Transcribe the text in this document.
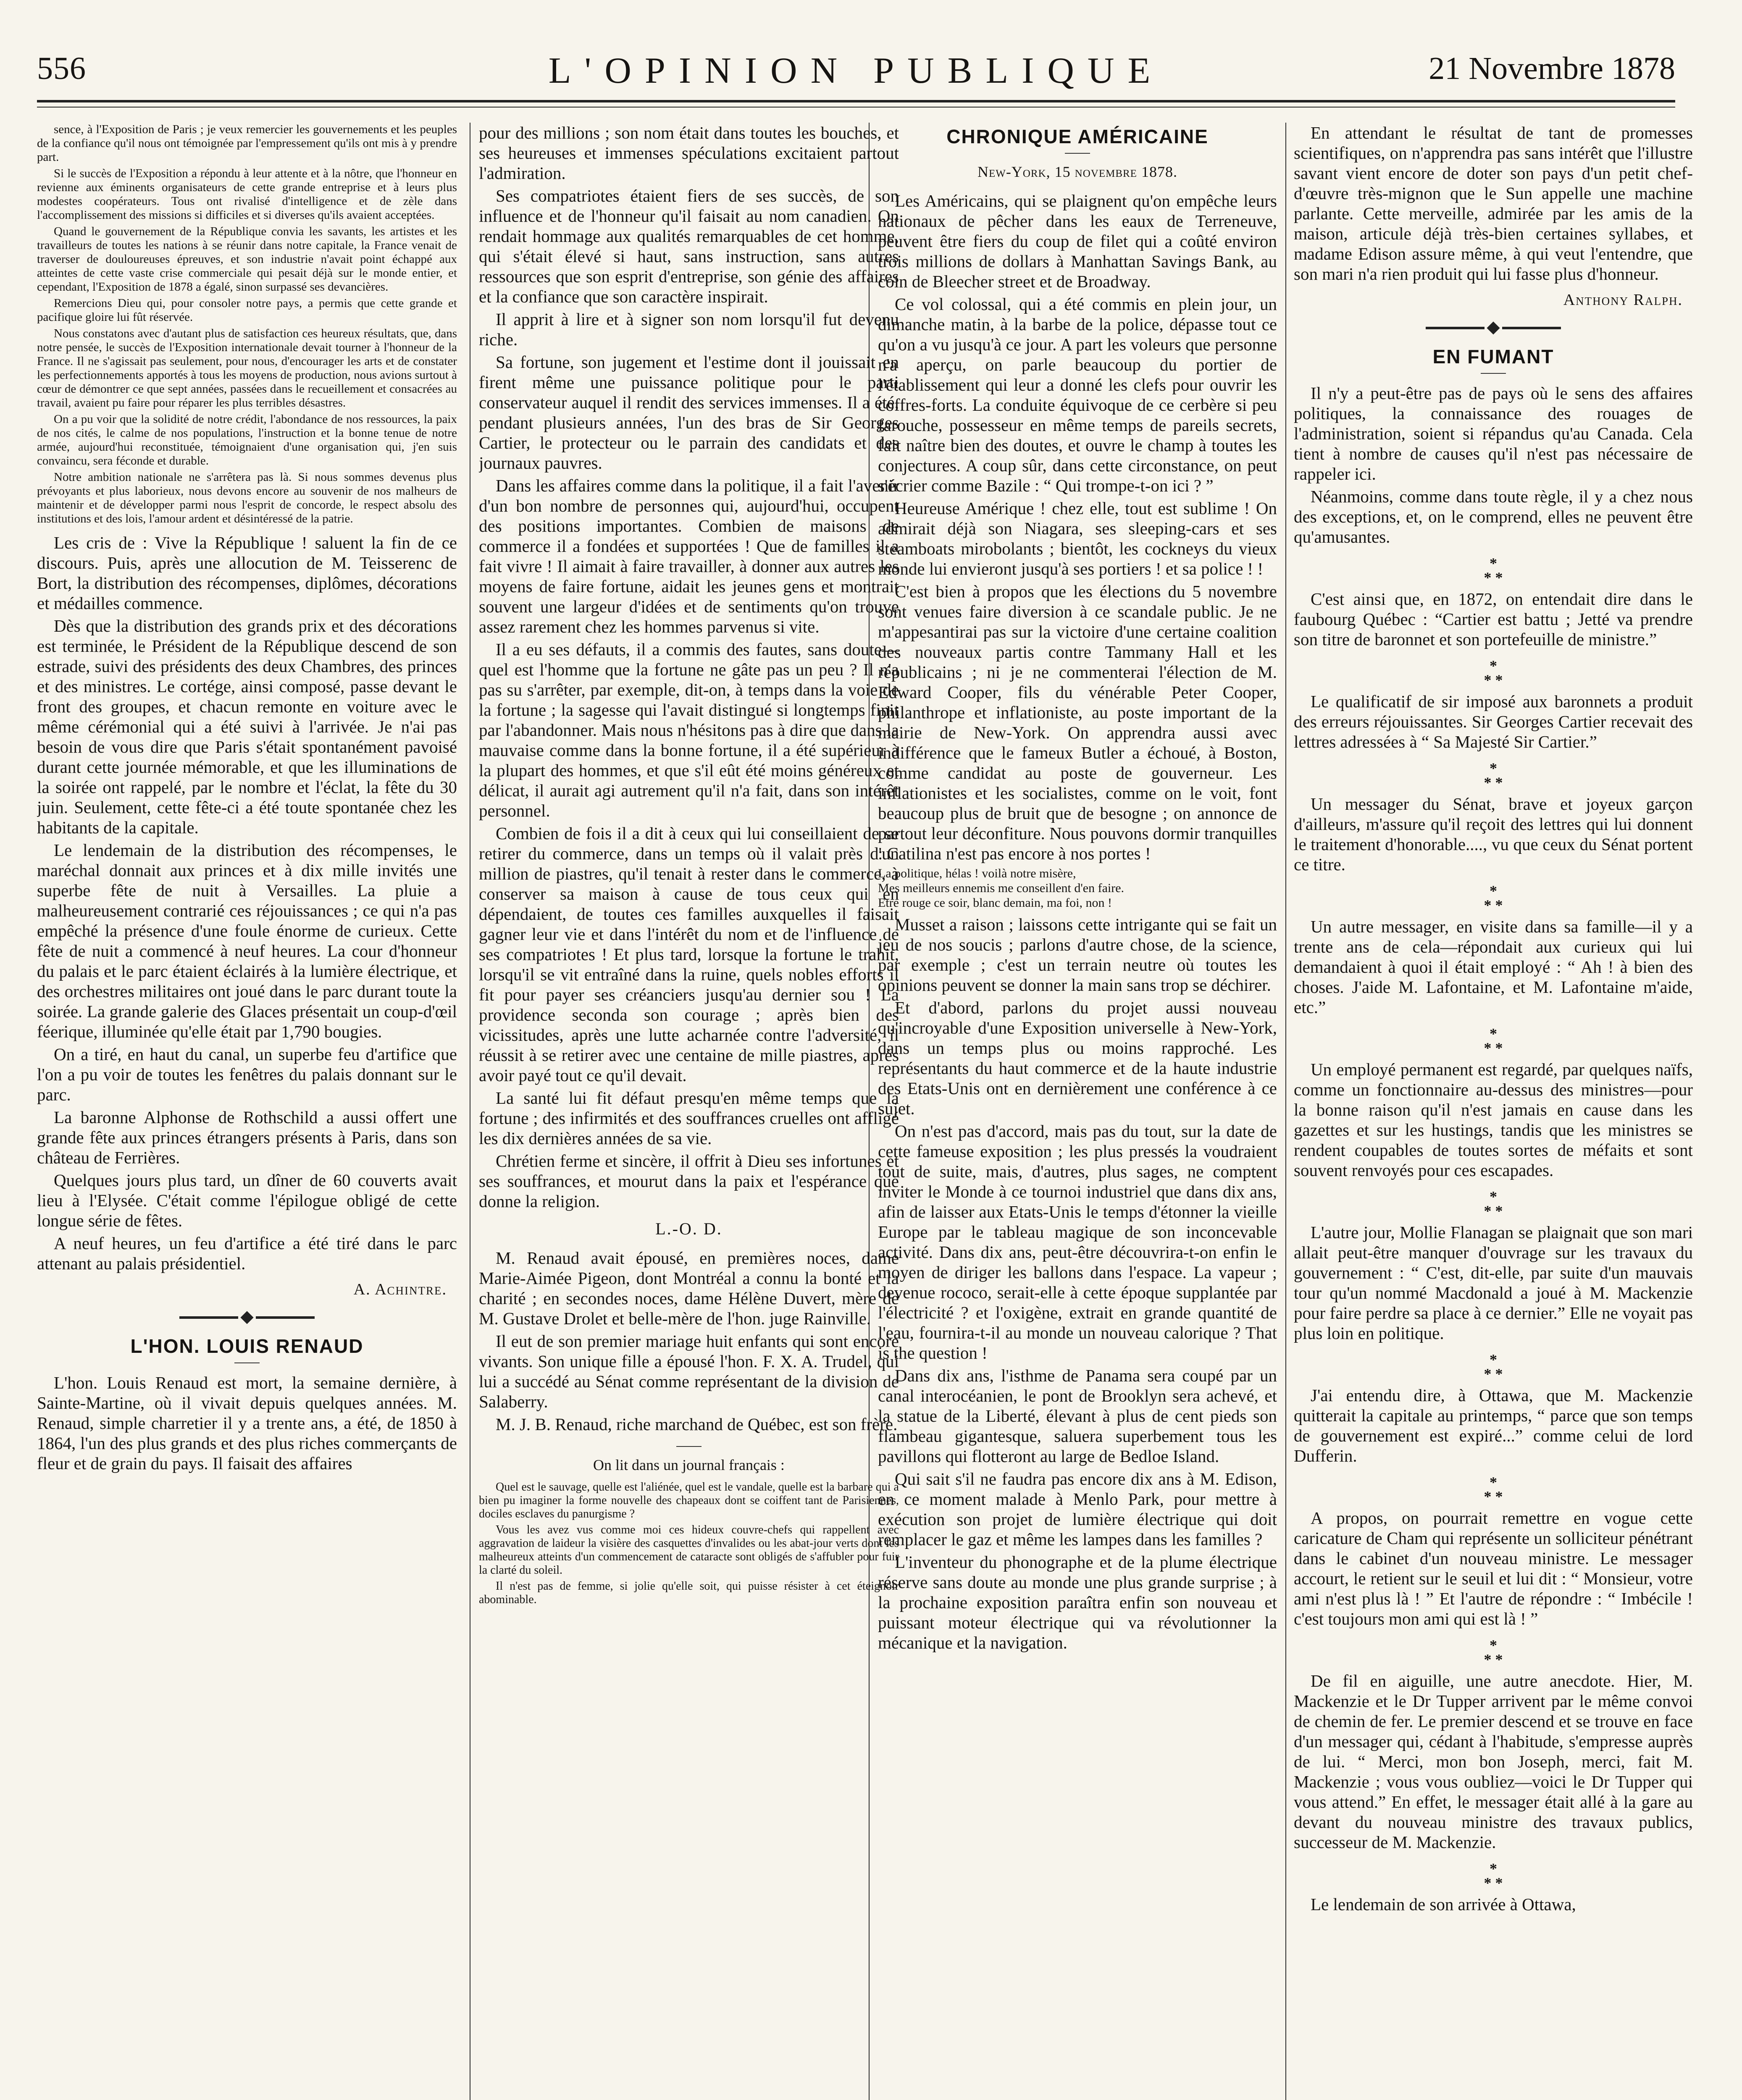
556	L'OPINION PUBLIQUE	21 Novembre 1878

sence, à l'Exposition de Paris ; je veux remercier les gouvernements et les peuples de la confiance qu'il nous ont témoignée par l'empressement qu'ils ont mis à y prendre part.

Si le succès de l'Exposition a répondu à leur attente et à la nôtre, que l'honneur en revienne aux éminents organisateurs de cette grande entreprise et à leurs plus modestes coopérateurs. Tous ont rivalisé d'intelligence et de zèle dans l'accomplissement des missions si difficiles et si diverses qu'ils avaient acceptées.

Quand le gouvernement de la République convia les savants, les artistes et les travailleurs de toutes les nations à se réunir dans notre capitale, la France venait de traverser de douloureuses épreuves, et son industrie n'avait point échappé aux atteintes de cette vaste crise commerciale qui pesait déjà sur le monde entier, et cependant, l'Exposition de 1878 a égalé, sinon surpassé ses devancières.

Remercions Dieu qui, pour consoler notre pays, a permis que cette grande et pacifique gloire lui fût réservée.

Nous constatons avec d'autant plus de satisfaction ces heureux résultats, que, dans notre pensée, le succès de l'Exposition internationale devait tourner à l'honneur de la France. Il ne s'agissait pas seulement, pour nous, d'encourager les arts et de constater les perfectionnements apportés à tous les moyens de production, nous avions surtout à cœur de démontrer ce que sept années, passées dans le recueillement et consacrées au travail, avaient pu faire pour réparer les plus terribles désastres.

On a pu voir que la solidité de notre crédit, l'abondance de nos ressources, la paix de nos cités, le calme de nos populations, l'instruction et la bonne tenue de notre armée, aujourd'hui reconstituée, témoignaient d'une organisation qui, j'en suis convaincu, sera féconde et durable.

Notre ambition nationale ne s'arrêtera pas là. Si nous sommes devenus plus prévoyants et plus laborieux, nous devons encore au souvenir de nos malheurs de maintenir et de développer parmi nous l'esprit de concorde, le respect absolu des institutions et des lois, l'amour ardent et désintéressé de la patrie.

Les cris de : Vive la République ! saluent la fin de ce discours. Puis, après une allocution de M. Teisserenc de Bort, la distribution des récompenses, diplômes, décorations et médailles commence.

Dès que la distribution des grands prix et des décorations est terminée, le Président de la République descend de son estrade, suivi des présidents des deux Chambres, des princes et des ministres. Le cortége, ainsi composé, passe devant le front des groupes, et chacun remonte en voiture avec le même cérémonial qui a été suivi à l'arrivée. Je n'ai pas besoin de vous dire que Paris s'était spontanément pavoisé durant cette journée mémorable, et que les illuminations de la soirée ont rappelé, par le nombre et l'éclat, la fête du 30 juin. Seulement, cette fête-ci a été toute spontanée chez les habitants de la capitale.

Le lendemain de la distribution des récompenses, le maréchal donnait aux princes et à dix mille invités une superbe fête de nuit à Versailles. La pluie a malheureusement contrarié ces réjouissances ; ce qui n'a pas empêché la présence d'une foule énorme de curieux. Cette fête de nuit a commencé à neuf heures. La cour d'honneur du palais et le parc étaient éclairés à la lumière électrique, et des orchestres militaires ont joué dans le parc durant toute la soirée. La grande galerie des Glaces présentait un coup-d'œil féerique, illuminée qu'elle était par 1,790 bougies.

On a tiré, en haut du canal, un superbe feu d'artifice que l'on a pu voir de toutes les fenêtres du palais donnant sur le parc.

La baronne Alphonse de Rothschild a aussi offert une grande fête aux princes étrangers présents à Paris, dans son château de Ferrières.

Quelques jours plus tard, un dîner de 60 couverts avait lieu à l'Elysée. C'était comme l'épilogue obligé de cette longue série de fêtes.

A neuf heures, un feu d'artifice a été tiré dans le parc attenant au palais présidentiel.

A. Achintre.
L'HON. LOUIS RENAUD

L'hon. Louis Renaud est mort, la semaine dernière, à Sainte-Martine, où il vivait depuis quelques années. M. Renaud, simple charretier il y a trente ans, a été, de 1850 à 1864, l'un des plus grands et des plus riches commerçants de fleur et de grain du pays. Il faisait des affaires

pour des millions ; son nom était dans toutes les bouches, et ses heureuses et immenses spéculations excitaient partout l'admiration.

Ses compatriotes étaient fiers de ses succès, de son influence et de l'honneur qu'il faisait au nom canadien. On rendait hommage aux qualités remarquables de cet homme, qui s'était élevé si haut, sans instruction, sans autres ressources que son esprit d'entreprise, son génie des affaires et la confiance que son caractère inspirait.

Il apprit à lire et à signer son nom lorsqu'il fut devenu riche.

Sa fortune, son jugement et l'estime dont il jouissait en firent même une puissance politique pour le parti conservateur auquel il rendit des services immenses. Il a été, pendant plusieurs années, l'un des bras de Sir Georges Cartier, le protecteur ou le parrain des candidats et des journaux pauvres.

Dans les affaires comme dans la politique, il a fait l'avenir d'un bon nombre de personnes qui, aujourd'hui, occupent des positions importantes. Combien de maisons de commerce il a fondées et supportées ! Que de familles il a fait vivre ! Il aimait à faire travailler, à donner aux autres les moyens de faire fortune, aidait les jeunes gens et montrait souvent une largeur d'idées et de sentiments qu'on trouve assez rarement chez les hommes parvenus si vite.

Il a eu ses défauts, il a commis des fautes, sans doute—quel est l'homme que la fortune ne gâte pas un peu ? Il n'a pas su s'arrêter, par exemple, dit-on, à temps dans la voie de la fortune ; la sagesse qui l'avait distingué si longtemps finit par l'abandonner. Mais nous n'hésitons pas à dire que dans la mauvaise comme dans la bonne fortune, il a été supérieur à la plupart des hommes, et que s'il eût été moins généreux et délicat, il aurait agi autrement qu'il n'a fait, dans son intérêt personnel.

Combien de fois il a dit à ceux qui lui conseillaient de se retirer du commerce, dans un temps où il valait près d'un million de piastres, qu'il tenait à rester dans le commerce, à conserver sa maison à cause de tous ceux qui en dépendaient, de toutes ces familles auxquelles il faisait gagner leur vie et dans l'intérêt du nom et de l'influence de ses compatriotes ! Et plus tard, lorsque la fortune le trahit, lorsqu'il se vit entraîné dans la ruine, quels nobles efforts il fit pour payer ses créanciers jusqu'au dernier sou ! La providence seconda son courage ; après bien des vicissitudes, après une lutte acharnée contre l'adversité, il réussit à se retirer avec une centaine de mille piastres, après avoir payé tout ce qu'il devait.

La santé lui fit défaut presqu'en même temps que la fortune ; des infirmités et des souffrances cruelles ont affligé les dix dernières années de sa vie.

Chrétien ferme et sincère, il offrit à Dieu ses infortunes et ses souffrances, et mourut dans la paix et l'espérance que donne la religion.

L.-O. D.

M. Renaud avait épousé, en premières noces, dame Marie-Aimée Pigeon, dont Montréal a connu la bonté et la charité ; en secondes noces, dame Hélène Duvert, mère de M. Gustave Drolet et belle-mère de l'hon. juge Rainville.

Il eut de son premier mariage huit enfants qui sont encore vivants. Son unique fille a épousé l'hon. F. X. A. Trudel, qui lui a succédé au Sénat comme représentant de la division de Salaberry.

M. J. B. Renaud, riche marchand de Québec, est son frère.

On lit dans un journal français :

Quel est le sauvage, quelle est l'aliénée, quel est le vandale, quelle est la barbare qui a bien pu imaginer la forme nouvelle des chapeaux dont se coiffent tant de Parisiennes, dociles esclaves du panurgisme ?

Vous les avez vus comme moi ces hideux couvre-chefs qui rappellent avec aggravation de laideur la visière des casquettes d'invalides ou les abat-jour verts dont les malheureux atteints d'un commencement de cataracte sont obligés de s'affubler pour fuir la clarté du soleil.

Il n'est pas de femme, si jolie qu'elle soit, qui puisse résister à cet éteignoir abominable.

CHRONIQUE AMÉRICAINE
New-York, 15 novembre 1878.

Les Américains, qui se plaignent qu'on empêche leurs nationaux de pêcher dans les eaux de Terreneuve, peuvent être fiers du coup de filet qui a coûté environ trois millions de dollars à Manhattan Savings Bank, au coin de Bleecher street et de Broadway.

Ce vol colossal, qui a été commis en plein jour, un dimanche matin, à la barbe de la police, dépasse tout ce qu'on a vu jusqu'à ce jour. A part les voleurs que personne n'a aperçu, on parle beaucoup du portier de l'établissement qui leur a donné les clefs pour ouvrir les coffres-forts. La conduite équivoque de ce cerbère si peu farouche, possesseur en même temps de pareils secrets, fait naître bien des doutes, et ouvre le champ à toutes les conjectures. A coup sûr, dans cette circonstance, on peut s'écrier comme Bazile : “ Qui trompe-t-on ici ? ”

Heureuse Amérique ! chez elle, tout est sublime ! On admirait déjà son Niagara, ses sleeping-cars et ses steamboats mirobolants ; bientôt, les cockneys du vieux monde lui envieront jusqu'à ses portiers ! et sa police ! !

C'est bien à propos que les élections du 5 novembre sont venues faire diversion à ce scandale public. Je ne m'appesantirai pas sur la victoire d'une certaine coalition des nouveaux partis contre Tammany Hall et les républicains ; ni je ne commenterai l'élection de M. Edward Cooper, fils du vénérable Peter Cooper, philanthrope et inflationiste, au poste important de la mairie de New-York. On apprendra aussi avec indifférence que le fameux Butler a échoué, à Boston, comme candidat au poste de gouverneur. Les inflationistes et les socialistes, comme on le voit, font beaucoup plus de bruit que de besogne ; on annonce de partout leur déconfiture. Nous pouvons dormir tranquilles : Catilina n'est pas encore à nos portes !

La politique, hélas ! voilà notre misère,
Mes meilleurs ennemis me conseillent d'en faire.
Etre rouge ce soir, blanc demain, ma foi, non !

Musset a raison ; laissons cette intrigante qui se fait un jeu de nos soucis ; parlons d'autre chose, de la science, par exemple ; c'est un terrain neutre où toutes les opinions peuvent se donner la main sans trop se déchirer.

Et d'abord, parlons du projet aussi nouveau qu'incroyable d'une Exposition universelle à New-York, dans un temps plus ou moins rapproché. Les représentants du haut commerce et de la haute industrie des Etats-Unis ont en dernièrement une conférence à ce sujet.

On n'est pas d'accord, mais pas du tout, sur la date de cette fameuse exposition ; les plus pressés la voudraient tout de suite, mais, d'autres, plus sages, ne comptent inviter le Monde à ce tournoi industriel que dans dix ans, afin de laisser aux Etats-Unis le temps d'étonner la vieille Europe par le tableau magique de son inconcevable activité. Dans dix ans, peut-être découvrira-t-on enfin le moyen de diriger les ballons dans l'espace. La vapeur ; devenue rococo, serait-elle à cette époque supplantée par l'électricité ? et l'oxigène, extrait en grande quantité de l'eau, fournira-t-il au monde un nouveau calorique ? That is the question !

Dans dix ans, l'isthme de Panama sera coupé par un canal interocéanien, le pont de Brooklyn sera achevé, et la statue de la Liberté, élevant à plus de cent pieds son flambeau gigantesque, saluera superbement tous les pavillons qui flotteront au large de Bedloe Island.

Qui sait s'il ne faudra pas encore dix ans à M. Edison, en ce moment malade à Menlo Park, pour mettre à exécution son projet de lumière électrique qui doit remplacer le gaz et même les lampes dans les familles ?

L'inventeur du phonographe et de la plume électrique réserve sans doute au monde une plus grande surprise ; à la prochaine exposition paraîtra enfin son nouveau et puissant moteur électrique qui va révolutionner la mécanique et la navigation.

En attendant le résultat de tant de promesses scientifiques, on n'apprendra pas sans intérêt que l'illustre savant vient encore de doter son pays d'un petit chef-d'œuvre très-mignon que le Sun appelle une machine parlante. Cette merveille, admirée par les amis de la maison, articule déjà très-bien certaines syllabes, et madame Edison assure même, à qui veut l'entendre, que son mari n'a rien produit qui lui fasse plus d'honneur.

Anthony Ralph.
EN FUMANT

Il n'y a peut-être pas de pays où le sens des affaires politiques, la connaissance des rouages de l'administration, soient si répandus qu'au Canada. Cela tient à nombre de causes qu'il n'est pas nécessaire de rappeler ici.

Néanmoins, comme dans toute règle, il y a chez nous des exceptions, et, on le comprend, elles ne peuvent être qu'amusantes.

*
* *

C'est ainsi que, en 1872, on entendait dire dans le faubourg Québec : “Cartier est battu ; Jetté va prendre son titre de baronnet et son portefeuille de ministre.”

*
* *

Le qualificatif de sir imposé aux baronnets a produit des erreurs réjouissantes. Sir Georges Cartier recevait des lettres adressées à “ Sa Majesté Sir Cartier.”

*
* *

Un messager du Sénat, brave et joyeux garçon d'ailleurs, m'assure qu'il reçoit des lettres qui lui donnent le traitement d'honorable...., vu que ceux du Sénat portent ce titre.

*
* *

Un autre messager, en visite dans sa famille—il y a trente ans de cela—répondait aux curieux qui lui demandaient à quoi il était employé : “ Ah ! à bien des choses. J'aide M. Lafontaine, et M. Lafontaine m'aide, etc.”

*
* *

Un employé permanent est regardé, par quelques naïfs, comme un fonctionnaire au-dessus des ministres—pour la bonne raison qu'il n'est jamais en cause dans les gazettes et sur les hustings, tandis que les ministres se rendent coupables de toutes sortes de méfaits et sont souvent renvoyés pour ces escapades.

*
* *

L'autre jour, Mollie Flanagan se plaignait que son mari allait peut-être manquer d'ouvrage sur les travaux du gouvernement : “ C'est, dit-elle, par suite d'un mauvais tour qu'un nommé Macdonald a joué à M. Mackenzie pour faire perdre sa place à ce dernier.” Elle ne voyait pas plus loin en politique.

*
* *

J'ai entendu dire, à Ottawa, que M. Mackenzie quitterait la capitale au printemps, “ parce que son temps de gouvernement est expiré...” comme celui de lord Dufferin.

*
* *

A propos, on pourrait remettre en vogue cette caricature de Cham qui représente un solliciteur pénétrant dans le cabinet d'un nouveau ministre. Le messager accourt, le retient sur le seuil et lui dit : “ Monsieur, votre ami n'est plus là ! ” Et l'autre de répondre : “ Imbécile ! c'est toujours mon ami qui est là ! ”

*
* *

De fil en aiguille, une autre anecdote. Hier, M. Mackenzie et le Dr Tupper arrivent par le même convoi de chemin de fer. Le premier descend et se trouve en face d'un messager qui, cédant à l'habitude, s'empresse auprès de lui. “ Merci, mon bon Joseph, merci, fait M. Mackenzie ; vous vous oubliez—voici le Dr Tupper qui vous attend.” En effet, le messager était allé à la gare au devant du nouveau ministre des travaux publics, successeur de M. Mackenzie.

*
* *

Le lendemain de son arrivée à Ottawa,
